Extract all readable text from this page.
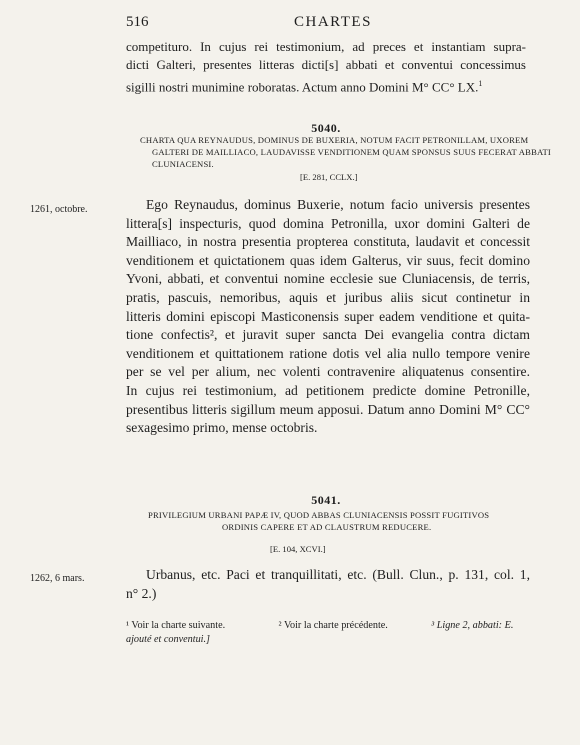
516	CHARTES
competituro. In cujus rei testimonium, ad preces et instantiam supra-
dicti Galteri, presentes litteras dicti[s] abbati et conventui concessimus
sigilli nostri munimine roboratas. Actum anno Domini M° CC° LX.$^1$
5040.
CHARTA QUA REYNAUDUS, DOMINUS DE BUXERIA, NOTUM FACIT PETRONILLAM, UXOREM
GALTERI DE MAILLIACO, LAUDAVISSE VENDITIONEM QUAM SPONSUS SUUS FECERAT ABBATI
CLUNIACENSI.
[E. 281, CCLX.]
1261, octobre.	Ego Reynaudus, dominus Buxerie, notum facio universis presentes
littera[s] inspecturis, quod domina Petronilla, uxor domini Galteri de
Mailliaco, in nostra presentia propterea constituta, laudavit et concessit
venditionem et quictationem quas idem Galterus, vir suus, fecit domino
Yvoni, abbati, et conventui nomine ecclesie sue Cluniacensis, de terris,
pratis, pascuis, nemoribus, aquis et juribus aliis sicut continetur in
litteris domini episcopi Masticonensis super eadem venditione et quita-
tione confectis², et juravit super sancta Dei evangelia contra dictam
venditionem et quittationem ratione dotis vel alia nullo tempore venire
per se vel per alium, nec volenti contravenire aliquatenus consentire.
In cujus rei testimonium, ad petitionem predicte domine Petronille,
presentibus litteris sigillum meum apposui. Datum anno Domini M° CC°
sexagesimo primo, mense octobris.
5041.
PRIVILEGIUM URBANI PAPÆ IV, QUOD ABBAS CLUNIACENSIS POSSIT FUGITIVOS
ORDINIS CAPERE ET AD CLAUSTRUM REDUCERE.
[E. 104, XCVI.]
1262, 6 mars.	Urbanus, etc. Paci et tranquillitati, etc. (Bull. Clun., p. 131, col. 1,
n° 2.)
¹ Voir la charte suivante.	² Voir la charte précédente.	³ Ligne 2, abbati: E.
ajouté et conventui.]
